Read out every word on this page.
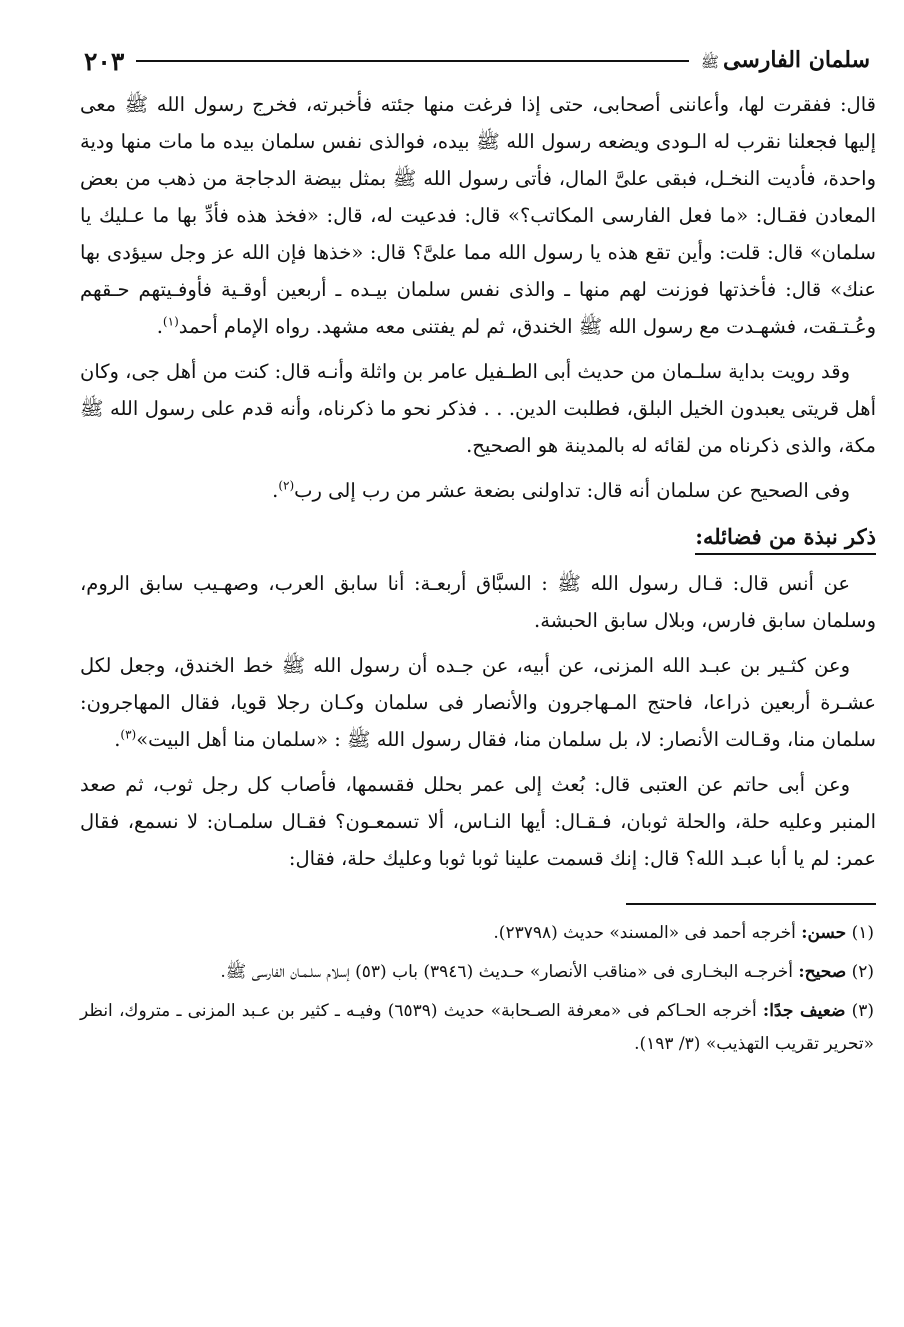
سلمان الفارسىﷺ
٢٠٣

قال: ففقرت لها، وأعاننى أصحابى، حتى إذا فرغت منها جئته فأخبرته، فخرج رسول الله ﷺ معى إليها فجعلنا نقرب له الـودى ويضعه رسول الله ﷺ بيده، فوالذى نفس سلمان بيده ما مات منها ودية واحدة، فأديت النخـل، فبقى علىَّ المال، فأتى رسول الله ﷺ بمثل بيضة الدجاجة من ذهب من بعض المعادن فقـال: «ما فعل الفارسى المكاتب؟» قال: فدعيت له، قال: «فخذ هذه فأدِّ بها ما عـليك يا سلمان» قال: قلت: وأين تقع هذه يا رسول الله مما علىَّ؟ قال: «خذها فإن الله عز وجل سيؤدى بها عنك» قال: فأخذتها فوزنت لهم منها ـ والذى نفس سلمان بيـده ـ أربعين أوقـية فأوفـيتهم حـقهم وعُـتـقت، فشهـدت مع رسول الله ﷺ الخندق، ثم لم يفتنى معه مشهد. رواه الإمام أحمد$^{(١)}$.

وقد رويت بداية سلـمان من حديث أبى الطـفيل عامر بن واثلة وأنـه قال: كنت من أهل جى، وكان أهل قريتى يعبدون الخيل البلق، فطلبت الدين. . . فذكر نحو ما ذكرناه، وأنه قدم على رسول الله ﷺ مكة، والذى ذكرناه من لقائه له بالمدينة هو الصحيح.

وفى الصحيح عن سلمان أنه قال: تداولنى بضعة عشر من رب إلى رب$^{(٢)}$.

ذكر نبذة من فضائله:

عن أنس قال: قـال رسول الله ﷺ : السبَّاق أربعـة: أنا سابق العرب، وصهـيب سابق الروم، وسلمان سابق فارس، وبلال سابق الحبشة.

وعن كثـير بن عبـد الله المزنى، عن أبيه، عن جـده أن رسول الله ﷺ خط الخندق، وجعل لكل عشـرة أربعين ذراعا، فاحتج المـهاجرون والأنصار فى سلمان وكـان رجلا قويا، فقال المهاجرون: سلمان منا، وقـالت الأنصار: لا، بل سلمان منا، فقال رسول الله ﷺ : «سلمان منا أهل البيت»$^{(٣)}$.

وعن أبى حاتم عن العتبى قال: بُعث إلى عمر بحلل فقسمها، فأصاب كل رجل ثوب، ثم صعد المنبر وعليه حلة، والحلة ثوبان، فـقـال: أيها النـاس، ألا تسمعـون؟ فقـال سلمـان: لا نسمع، فقال عمر: لم يا أبا عبـد الله؟ قال: إنك قسمت علينا ثوبا ثوبا وعليك حلة، فقال:

(١) حسن: أخرجه أحمد فى «المسند» حديث (٢٣٧٩٨).

(٢) صحيح: أخرجـه البخـارى فى «مناقب الأنصار» حـديث (٣٩٤٦) باب (٥٣) إسلام سلـمـان الفارسى ﷺ.

(٣) ضعيف جدًا: أخرجه الحـاكم فى «معرفة الصـحابة» حديث (٦٥٣٩) وفيـه ـ كثير بن عـبد المزنى ـ متروك، انظر «تحرير تقريب التهذيب» (٣/ ١٩٣).
